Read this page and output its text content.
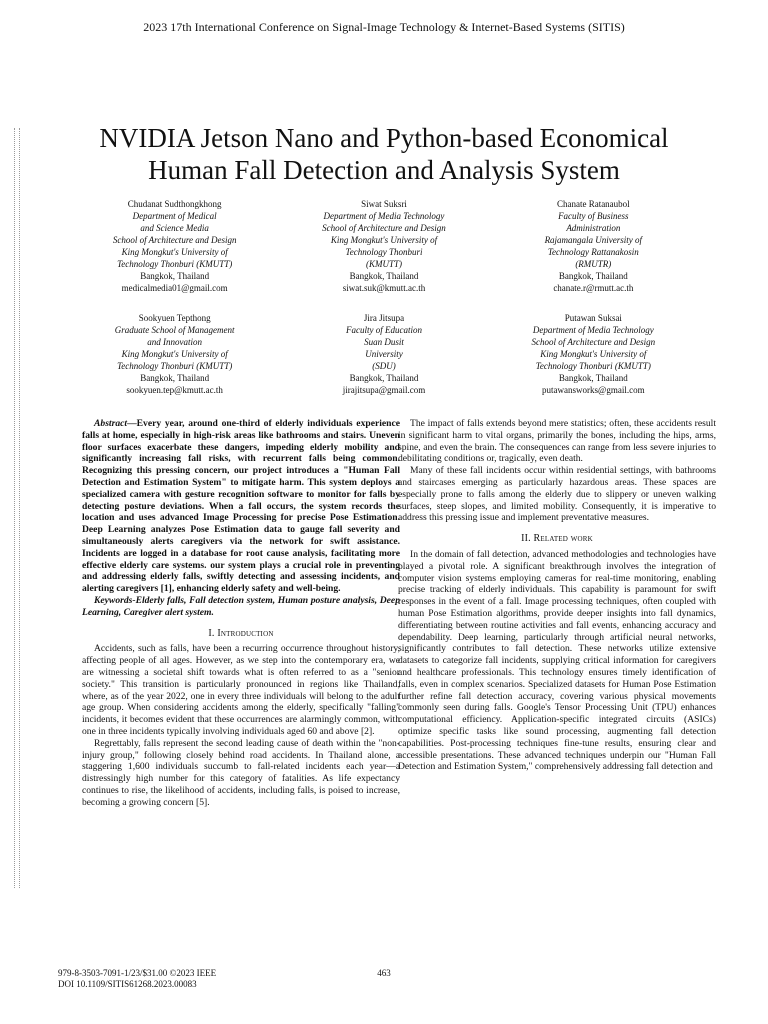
2023 17th International Conference on Signal-Image Technology & Internet-Based Systems (SITIS)
NVIDIA Jetson Nano and Python-based Economical
Human Fall Detection and Analysis System
Chudanat Sudthongkhong
Department of Medical
and Science Media
School of Architecture and Design
King Mongkut's University of
Technology Thonburi (KMUTT)
Bangkok, Thailand
medicalmedia01@gmail.com
Siwat Suksri
Department of Media Technology
School of Architecture and Design
King Mongkut's University of
Technology Thonburi
(KMUTT)
Bangkok, Thailand
siwat.suk@kmutt.ac.th
Chanate Ratanaubol
Faculty of Business
Administration
Rajamangala University of
Technology Rattanakosin
(RMUTR)
Bangkok, Thailand
chanate.r@rmutt.ac.th
Sookyuen Tepthong
Graduate School of Management
and Innovation
King Mongkut's University of
Technology Thonburi (KMUTT)
Bangkok, Thailand
sookyuen.tep@kmutt.ac.th
Jira Jitsupa
Faculty of Education
Suan Dusit
University
(SDU)
Bangkok, Thailand
jirajitsupa@gmail.com
Putawan Suksai
Department of Media Technology
School of Architecture and Design
King Mongkut's University of
Technology Thonburi (KMUTT)
Bangkok, Thailand
putawansworks@gmail.com

Abstract—Every year, around one-third of elderly individuals experience falls at home, especially in high-risk areas like bathrooms and stairs. Uneven floor surfaces exacerbate these dangers, impeding elderly mobility and significantly increasing fall risks, with recurrent falls being common. Recognizing this pressing concern, our project introduces a "Human Fall Detection and Estimation System" to mitigate harm. This system deploys a specialized camera with gesture recognition software to monitor for falls by detecting posture deviations. When a fall occurs, the system records the location and uses advanced Image Processing for precise Pose Estimation. Deep Learning analyzes Pose Estimation data to gauge fall severity and simultaneously alerts caregivers via the network for swift assistance. Incidents are logged in a database for root cause analysis, facilitating more effective elderly care systems. our system plays a crucial role in preventing and addressing elderly falls, swiftly detecting and assessing incidents, and alerting caregivers [1], enhancing elderly safety and well-being.

Keywords-Elderly falls, Fall detection system, Human posture analysis, Deep Learning, Caregiver alert system.

I. Introduction

Accidents, such as falls, have been a recurring occurrence throughout history, affecting people of all ages. However, as we step into the contemporary era, we are witnessing a societal shift towards what is often referred to as a "senior society." This transition is particularly pronounced in regions like Thailand, where, as of the year 2022, one in every three individuals will belong to the adult age group. When considering accidents among the elderly, specifically "falling" incidents, it becomes evident that these occurrences are alarmingly common, with one in three incidents typically involving individuals aged 60 and above [2].

Regrettably, falls represent the second leading cause of death within the "non-injury group," following closely behind road accidents. In Thailand alone, a staggering 1,600 individuals succumb to fall-related incidents each year—a distressingly high number for this category of fatalities. As life expectancy continues to rise, the likelihood of accidents, including falls, is poised to increase, becoming a growing concern [5].

The impact of falls extends beyond mere statistics; often, these accidents result in significant harm to vital organs, primarily the bones, including the hips, arms, spine, and even the brain. The consequences can range from less severe injuries to debilitating conditions or, tragically, even death.

Many of these fall incidents occur within residential settings, with bathrooms and staircases emerging as particularly hazardous areas. These spaces are especially prone to falls among the elderly due to slippery or uneven walking surfaces, steep slopes, and limited mobility. Consequently, it is imperative to address this pressing issue and implement preventative measures.

II. Related work

In the domain of fall detection, advanced methodologies and technologies have played a pivotal role. A significant breakthrough involves the integration of computer vision systems employing cameras for real-time monitoring, enabling precise tracking of elderly individuals. This capability is paramount for swift responses in the event of a fall. Image processing techniques, often coupled with human Pose Estimation algorithms, provide deeper insights into fall dynamics, differentiating between routine activities and fall events, enhancing accuracy and dependability. Deep learning, particularly through artificial neural networks, significantly contributes to fall detection. These networks utilize extensive datasets to categorize fall incidents, supplying critical information for caregivers and healthcare professionals. This technology ensures timely identification of falls, even in complex scenarios. Specialized datasets for Human Pose Estimation further refine fall detection accuracy, covering various physical movements commonly seen during falls. Google's Tensor Processing Unit (TPU) enhances computational efficiency. Application-specific integrated circuits (ASICs) optimize specific tasks like sound processing, augmenting fall detection capabilities. Post-processing techniques fine-tune results, ensuring clear and accessible presentations. These advanced techniques underpin our "Human Fall Detection and Estimation System," comprehensively addressing fall detection and

979-8-3503-7091-1/23/$31.00 ©2023 IEEE
DOI 10.1109/SITIS61268.2023.00083
463
